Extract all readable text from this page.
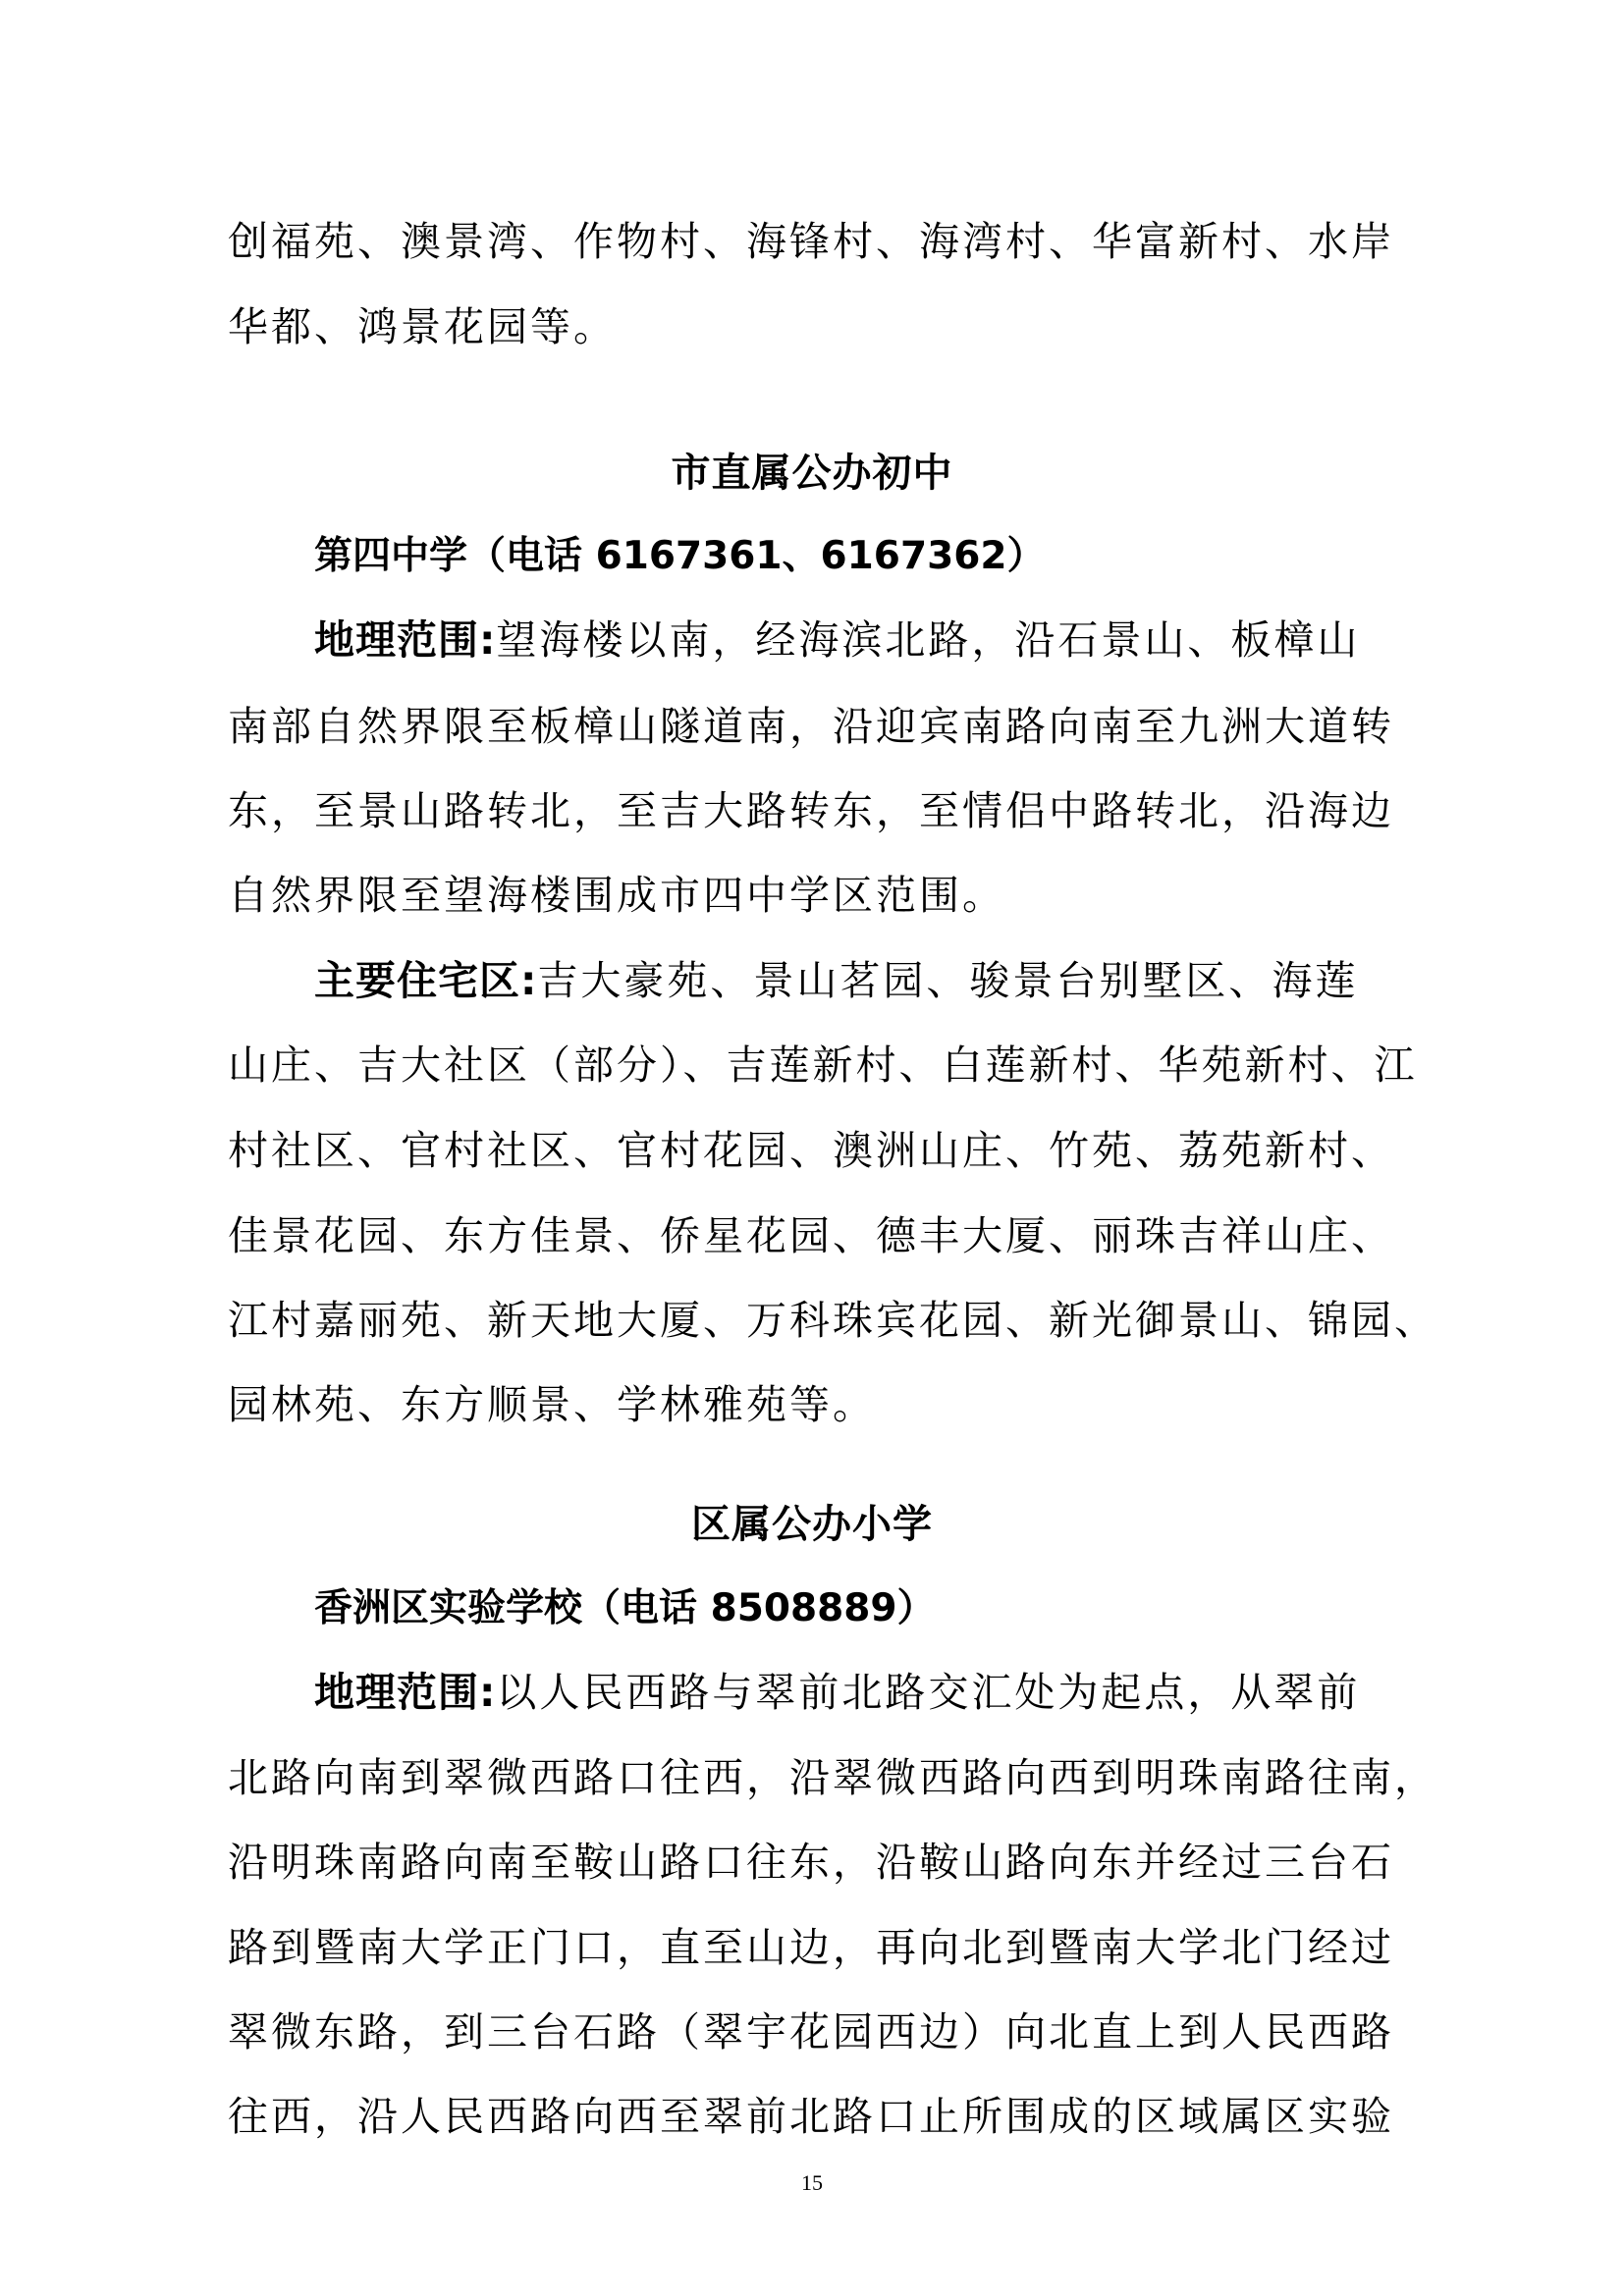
创福苑、澳景湾、作物村、海锋村、海湾村、华富新村、水岸
华都、鸿景花园等。
市直属公办初中
第四中学（电话 6167361、6167362）
地理范围:望海楼以南，经海滨北路，沿石景山、板樟山
南部自然界限至板樟山隧道南，沿迎宾南路向南至九洲大道转
东，至景山路转北，至吉大路转东，至情侣中路转北，沿海边
自然界限至望海楼围成市四中学区范围。
主要住宅区:吉大豪苑、景山茗园、骏景台别墅区、海莲
山庄、吉大社区（部分）、吉莲新村、白莲新村、华苑新村、江
村社区、官村社区、官村花园、澳洲山庄、竹苑、荔苑新村、
佳景花园、东方佳景、侨星花园、德丰大厦、丽珠吉祥山庄、
江村嘉丽苑、新天地大厦、万科珠宾花园、新光御景山、锦园、
园林苑、东方顺景、学林雅苑等。
区属公办小学
香洲区实验学校（电话 8508889）
地理范围:以人民西路与翠前北路交汇处为起点，从翠前
北路向南到翠微西路口往西，沿翠微西路向西到明珠南路往南，
沿明珠南路向南至鞍山路口往东，沿鞍山路向东并经过三台石
路到暨南大学正门口，直至山边，再向北到暨南大学北门经过
翠微东路，到三台石路（翠宇花园西边）向北直上到人民西路
往西，沿人民西路向西至翠前北路口止所围成的区域属区实验
15
